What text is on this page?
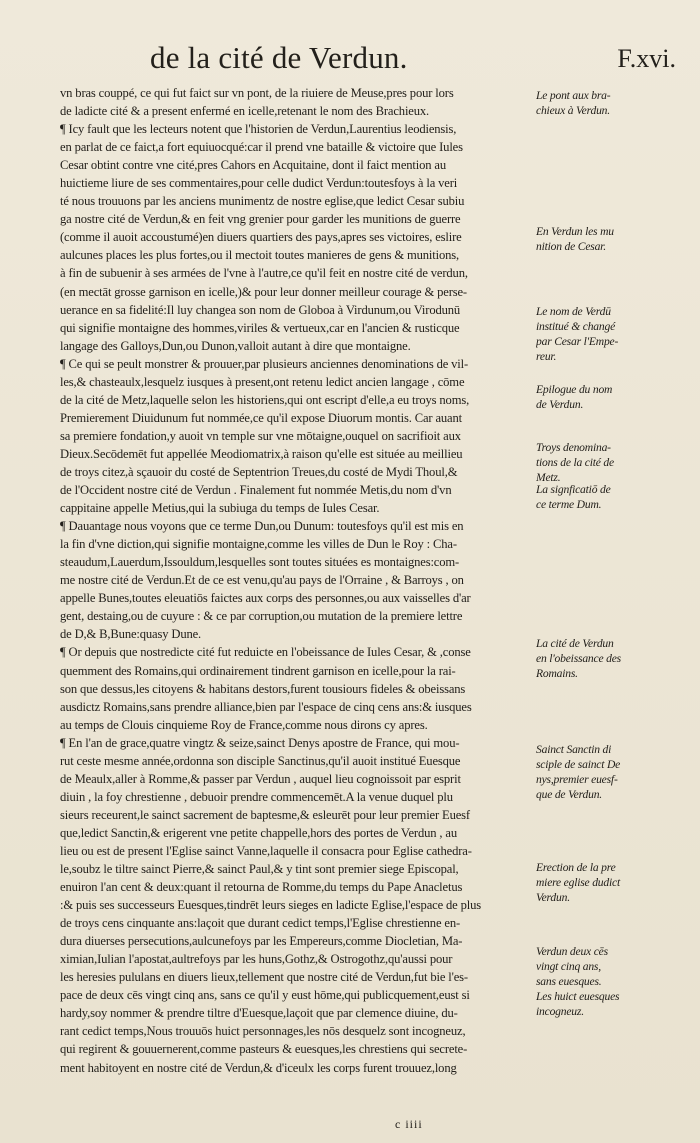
de la cité de Verdun.	F.xvi.
vn bras couppé, ce qui fut faict sur vn pont, de la riuiere de Meuse,pres pour lors
de ladicte cité & a present enfermé en icelle,retenant le nom des Brachieux.
¶ Icy fault que les lecteurs notent que l'historien de Verdun,Laurentius leodiensis,
en parlat de ce faict,a fort equiuocqué:car il prend vne bataille & victoire que Iules
Cesar obtint contre vne cité,pres Cahors en Acquitaine, dont il faict mention au
huictieme liure de ses commentaires,pour celle dudict Verdun:toutesfoys à la veri
té nous trouuons par les anciens munimentz de nostre eglise,que ledict Cesar subiu
ga nostre cité de Verdun,& en feit vng grenier pour garder les munitions de guerre
(comme il auoit accoustumé)en diuers quartiers des pays,apres ses victoires, eslire
aulcunes places les plus fortes,ou il mectoit toutes manieres de gens & munitions,
à fin de subuenir à ses armées de l'vne à l'autre,ce qu'il feit en nostre cité de verdun,
(en mectāt grosse garnison en icelle,)& pour leur donner meilleur courage & perse-
uerance en sa fidelité:Il luy changea son nom de Globoa à Virdunum,ou Virodunū
qui signifie montaigne des hommes,viriles & vertueux,car en l'ancien & rusticque
langage des Galloys,Dun,ou Dunon,valloit autant à dire que montaigne.
¶ Ce qui se peult monstrer & prouuer,par plusieurs anciennes denominations de vil-
les,& chasteaulx,lesquelz iusques à present,ont retenu ledict ancien langage , cōme
de la cité de Metz,laquelle selon les historiens,qui ont escript d'elle,a eu troys noms,
Premierement Diuidunum fut nommée,ce qu'il expose Diuorum montis. Car auant
sa premiere fondation,y auoit vn temple sur vne mōtaigne,ouquel on sacrifioit aux
Dieux.Secōdemēt fut appellée Meodiomatrix,à raison qu'elle est située au meillieu
de troys citez,à sçauoir du costé de Septentrion Treues,du costé de Mydi Thoul,&
de l'Occident nostre cité de Verdun . Finalement fut nommée Metis,du nom d'vn
cappitaine appelle Metius,qui la subiuga du temps de Iules Cesar.
¶ Dauantage nous voyons que ce terme Dun,ou Dunum: toutesfoys qu'il est mis en
la fin d'vne diction,qui signifie montaigne,comme les villes de Dun le Roy : Cha-
steaudum,Lauerdum,Issouldum,lesquelles sont toutes situées es montaignes:com-
me nostre cité de Verdun.Et de ce est venu,qu'au pays de l'Orraine , & Barroys , on
appelle Bunes,toutes eleuatiōs faictes aux corps des personnes,ou aux vaisselles d'ar
gent, destaing,ou de cuyure : & ce par corruption,ou mutation de la premiere lettre
de D,& B,Bune:quasy Dune.
¶ Or depuis que nostredicte cité fut reduicte en l'obeissance de Iules Cesar, & ,conse
quemment des Romains,qui ordinairement tindrent garnison en icelle,pour la rai-
son que dessus,les citoyens & habitans destors,furent tousiours fideles & obeissans
ausdictz Romains,sans prendre alliance,bien par l'espace de cinq cens ans:& iusques
au temps de Clouis cinquieme Roy de France,comme nous dirons cy apres.
¶ En l'an de grace,quatre vingtz & seize,sainct Denys apostre de France, qui mou-
rut ceste mesme année,ordonna son disciple Sanctinus,qu'il auoit institué Euesque
de Meaulx,aller à Romme,& passer par Verdun , auquel lieu cognoissoit par esprit
diuin , la foy chrestienne , debuoir prendre commencemēt.A la venue duquel plu
sieurs receurent,le sainct sacrement de baptesme,& esleurēt pour leur premier Euesf
que,ledict Sanctin,& erigerent vne petite chappelle,hors des portes de Verdun , au
lieu ou est de present l'Eglise sainct Vanne,laquelle il consacra pour Eglise cathedra-
le,soubz le tiltre sainct Pierre,& sainct Paul,& y tint sont premier siege Episcopal,
enuiron l'an cent & deux:quant il retourna de Romme,du temps du Pape Anacletus
:& puis ses successeurs Euesques,tindrēt leurs sieges en ladicte Eglise,l'espace de plus
de troys cens cinquante ans:laçoit que durant cedict temps,l'Eglise chrestienne en-
dura diuerses persecutions,aulcunefoys par les Empereurs,comme Diocletian, Ma-
ximian,Iulian l'apostat,aultrefoys par les huns,Gothz,& Ostrogothz,qu'aussi pour
les heresies pululans en diuers lieux,tellement que nostre cité de Verdun,fut bie l'es-
pace de deux cēs vingt cinq ans, sans ce qu'il y eust hōme,qui publicquement,eust si
hardy,soy nommer & prendre tiltre d'Euesque,laçoit que par clemence diuine, du-
rant cedict temps,Nous trouuōs huict personnages,les nōs desquelz sont incogneuz,
qui regirent & gouuernerent,comme pasteurs & euesques,les chrestiens qui secrete-
ment habitoyent en nostre cité de Verdun,& d'iceulx les corps furent trouuez,long
Le pont aux bra-
chieux à Verdun.
En Verdun les mu
nition de Cesar.
Le nom de Verdū
institué & changé
par Cesar l'Empe-
reur.
Epilogue du nom
de Verdun.
Troys denomina-
tions de la cité de
Metz.
La signficatiō de
ce terme Dum.
La cité de Verdun
en l'obeissance des
Romains.
Sainct Sanctin di
sciple de sainct De
nys,premier euesf-
que de Verdun.
Erection de la pre
miere eglise dudict
Verdun.
Verdun deux cēs
vingt cinq ans,
sans euesques.
Les huict euesques
incogneuz.
c iiii
